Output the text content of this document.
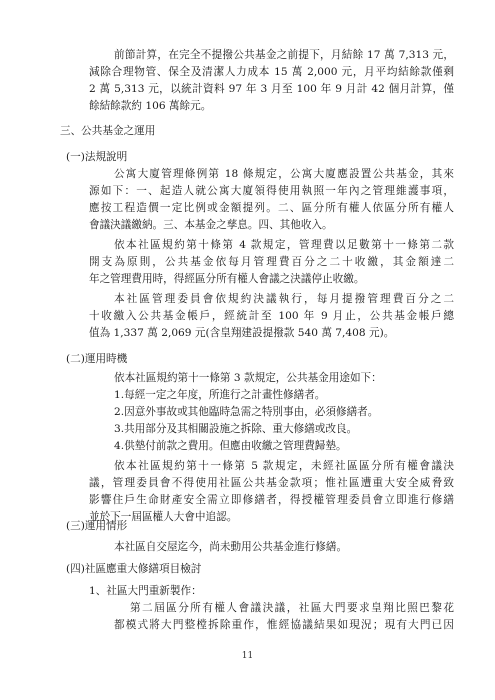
前節計算，在完全不提撥公共基金之前提下，月結餘 17 萬 7,313 元，
減除合理物管、保全及清潔人力成本 15 萬 2,000 元，月平均結餘款僅剩
2 萬 5,313 元，以統計資料 97 年 3 月至 100 年 9 月計 42 個月計算，僅
餘結餘款約 106 萬餘元。
三、公共基金之運用
(一)法規說明
公寓大廈管理條例第 18 條規定，公寓大廈應設置公共基金，其來
源如下：一、起造人就公寓大廈領得使用執照一年內之管理維護事項，
應按工程造價一定比例或金額提列。二、區分所有權人依區分所有權人
會議決議繳納。三、本基金之孳息。四、其他收入。
依本社區規約第十條第 4 款規定，管理費以足數第十一條第二款
開支為原則，公共基金依每月管理費百分之二十收繳，其金額達二
年之管理費用時，得經區分所有權人會議之決議停止收繳。
本社區管理委員會依規約決議執行，每月提撥管理費百分之二
十收繳入公共基金帳戶，經統計至 100 年 9 月止，公共基金帳戶總
值為 1,337 萬 2,069 元(含皇翔建設提撥款 540 萬 7,408 元)。
(二)運用時機
依本社區規約第十一條第 3 款規定，公共基金用途如下：
1.每經一定之年度，所進行之計畫性修繕者。
2.因意外事故或其他臨時急需之特別事由，必須修繕者。
3.共用部分及其相關設施之拆除、重大修繕或改良。
4.供墊付前款之費用。但應由收繳之管理費歸墊。
依本社區規約第十一條第 5 款規定，未經社區區分所有權會議決
議，管理委員會不得使用社區公共基金款項；惟社區遭重大安全威脅致
影響住戶生命財產安全需立即修繕者，得授權管理委員會立即進行修繕
並於下一屆區權人大會中追認。
(三)運用情形
本社區自交屋迄今，尚未動用公共基金進行修繕。
(四)社區應重大修繕項目檢討
1、社區大門重新製作：
第二屆區分所有權人會議決議，社區大門要求皇翔比照巴黎花
都模式將大門整樘拆除重作，惟經協議結果如現況；現有大門已因
11
